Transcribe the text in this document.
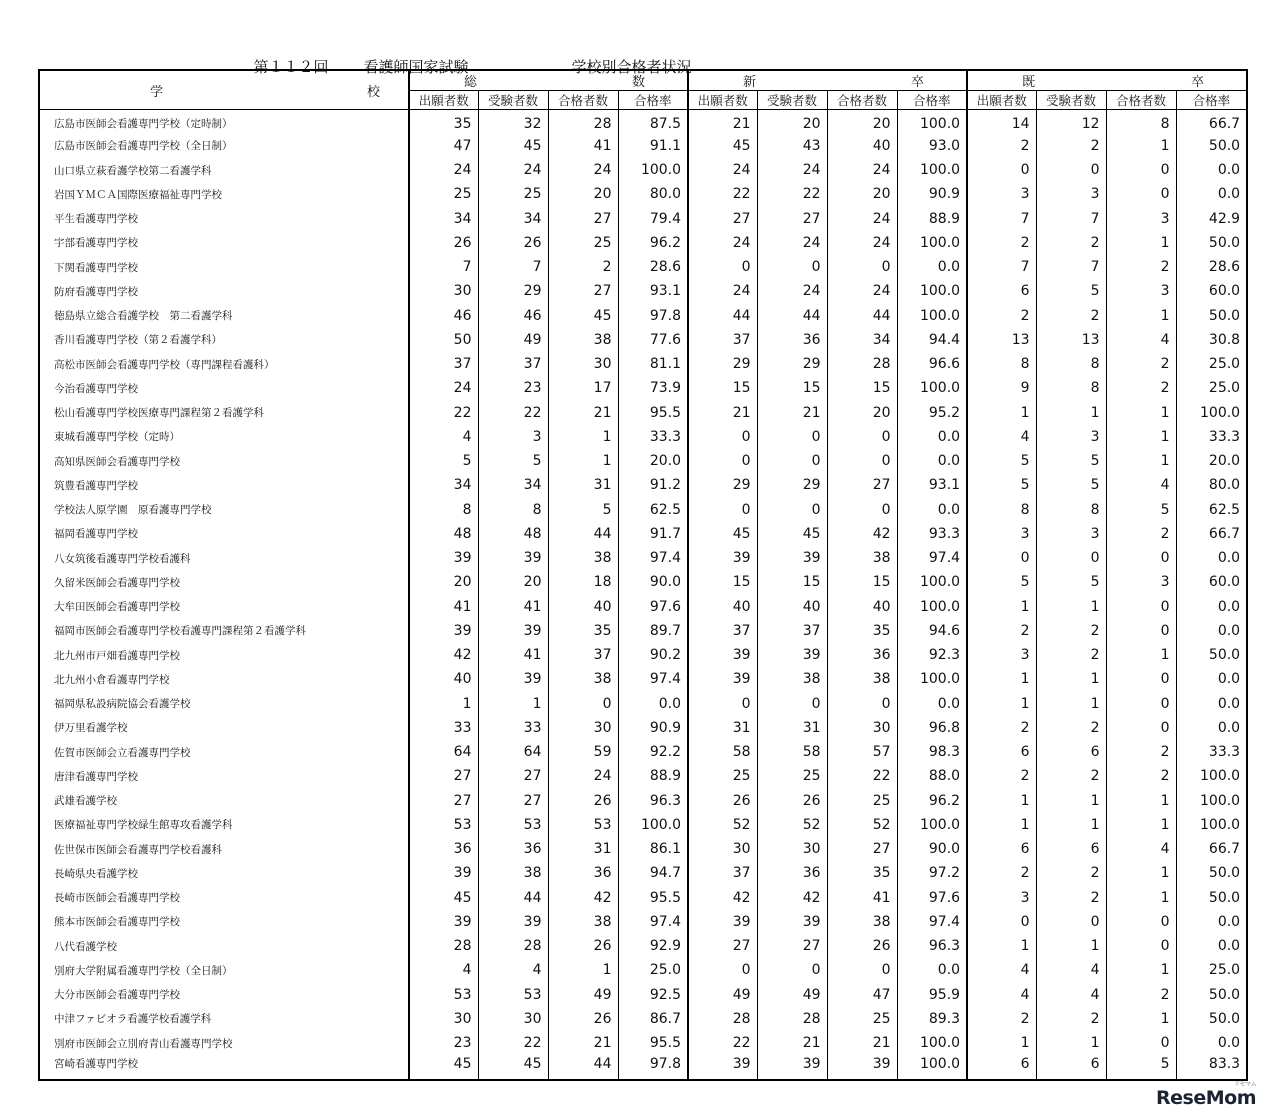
第１１２回 看護師国家試験	学校別合格者状況

学 校	総 数				新 卒				既 卒			

	出願者数	受験者数	合格者数	合格率	出願者数	受験者数	合格者数	合格率	出願者数	受験者数	合格者数	合格率
広島市医師会看護専門学校（定時制）	35	32	28	87.5	21	20	20	100.0	14	12	8	66.7
広島市医師会看護専門学校（全日制）	47	45	41	91.1	45	43	40	93.0	2	2	1	50.0
山口県立萩看護学校第二看護学科	24	24	24	100.0	24	24	24	100.0	0	0	0	0.0
岩国ＹＭＣＡ国際医療福祉専門学校	25	25	20	80.0	22	22	20	90.9	3	3	0	0.0
平生看護専門学校	34	34	27	79.4	27	27	24	88.9	7	7	3	42.9
宇部看護専門学校	26	26	25	96.2	24	24	24	100.0	2	2	1	50.0
下関看護専門学校	7	7	2	28.6	0	0	0	0.0	7	7	2	28.6
防府看護専門学校	30	29	27	93.1	24	24	24	100.0	6	5	3	60.0
徳島県立総合看護学校　第二看護学科	46	46	45	97.8	44	44	44	100.0	2	2	1	50.0
香川看護専門学校（第２看護学科）	50	49	38	77.6	37	36	34	94.4	13	13	4	30.8
高松市医師会看護専門学校（専門課程看護科）	37	37	30	81.1	29	29	28	96.6	8	8	2	25.0
今治看護専門学校	24	23	17	73.9	15	15	15	100.0	9	8	2	25.0
松山看護専門学校医療専門課程第２看護学科	22	22	21	95.5	21	21	20	95.2	1	1	1	100.0
東城看護専門学校（定時）	4	3	1	33.3	0	0	0	0.0	4	3	1	33.3
高知県医師会看護専門学校	5	5	1	20.0	0	0	0	0.0	5	5	1	20.0
筑豊看護専門学校	34	34	31	91.2	29	29	27	93.1	5	5	4	80.0
学校法人原学園　原看護専門学校	8	8	5	62.5	0	0	0	0.0	8	8	5	62.5
福岡看護専門学校	48	48	44	91.7	45	45	42	93.3	3	3	2	66.7
八女筑後看護専門学校看護科	39	39	38	97.4	39	39	38	97.4	0	0	0	0.0
久留米医師会看護専門学校	20	20	18	90.0	15	15	15	100.0	5	5	3	60.0
大牟田医師会看護専門学校	41	41	40	97.6	40	40	40	100.0	1	1	0	0.0
福岡市医師会看護専門学校看護専門課程第２看護学科	39	39	35	89.7	37	37	35	94.6	2	2	0	0.0
北九州市戸畑看護専門学校	42	41	37	90.2	39	39	36	92.3	3	2	1	50.0
北九州小倉看護専門学校	40	39	38	97.4	39	38	38	100.0	1	1	0	0.0
福岡県私設病院協会看護学校	1	1	0	0.0	0	0	0	0.0	1	1	0	0.0
伊万里看護学校	33	33	30	90.9	31	31	30	96.8	2	2	0	0.0
佐賀市医師会立看護専門学校	64	64	59	92.2	58	58	57	98.3	6	6	2	33.3
唐津看護専門学校	27	27	24	88.9	25	25	22	88.0	2	2	2	100.0
武雄看護学校	27	27	26	96.3	26	26	25	96.2	1	1	1	100.0
医療福祉専門学校緑生館専攻看護学科	53	53	53	100.0	52	52	52	100.0	1	1	1	100.0
佐世保市医師会看護専門学校看護科	36	36	31	86.1	30	30	27	90.0	6	6	4	66.7
長崎県央看護学校	39	38	36	94.7	37	36	35	97.2	2	2	1	50.0
長崎市医師会看護専門学校	45	44	42	95.5	42	42	41	97.6	3	2	1	50.0
熊本市医師会看護専門学校	39	39	38	97.4	39	39	38	97.4	0	0	0	0.0
八代看護学校	28	28	26	92.9	27	27	26	96.3	1	1	0	0.0
別府大学附属看護専門学校（全日制）	4	4	1	25.0	0	0	0	0.0	4	4	1	25.0
大分市医師会看護専門学校	53	53	49	92.5	49	49	47	95.9	4	4	2	50.0
中津ファビオラ看護学校看護学科	30	30	26	86.7	28	28	25	89.3	2	2	1	50.0
別府市医師会立別府青山看護専門学校	23	22	21	95.5	22	21	21	100.0	1	1	0	0.0
宮崎看護専門学校	45	45	44	97.8	39	39	39	100.0	6	6	5	83.3
リセマム
ReseMom
